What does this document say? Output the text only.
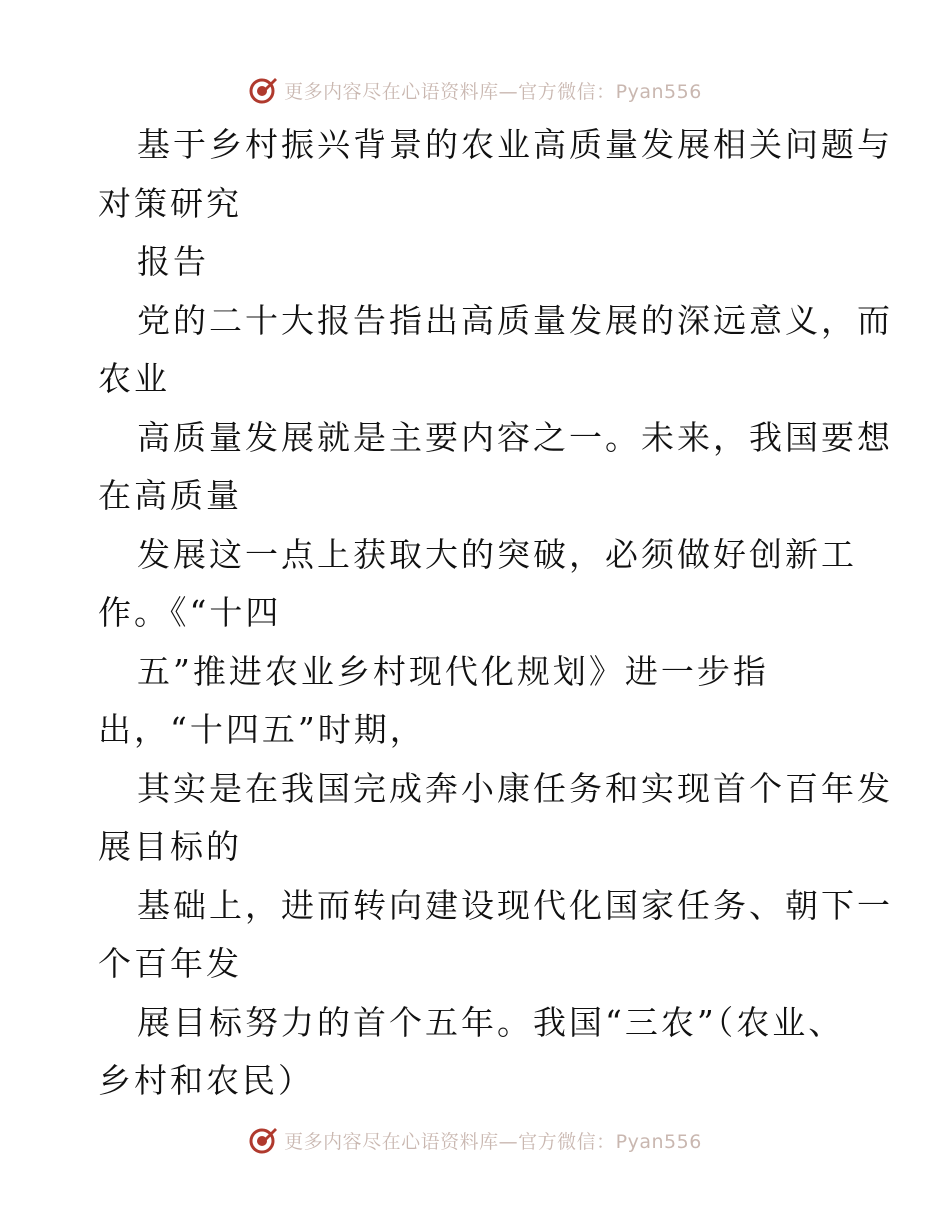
更多内容尽在心语资料库—官方微信：Pyan556

基于乡村振兴背景的农业高质量发展相关问题与
对策研究

报告

党的二十大报告指出高质量发展的深远意义，而
农业

高质量发展就是主要内容之一。未来，我国要想
在高质量

发展这一点上获取大的突破，必须做好创新工
作。《“十四

五”推进农业乡村现代化规划》进一步指
出，“十四五”时期，

其实是在我国完成奔小康任务和实现首个百年发
展目标的

基础上，进而转向建设现代化国家任务、朝下一
个百年发

展目标努力的首个五年。我国“三农”（农业、
乡村和农民）

更多内容尽在心语资料库—官方微信：Pyan556
